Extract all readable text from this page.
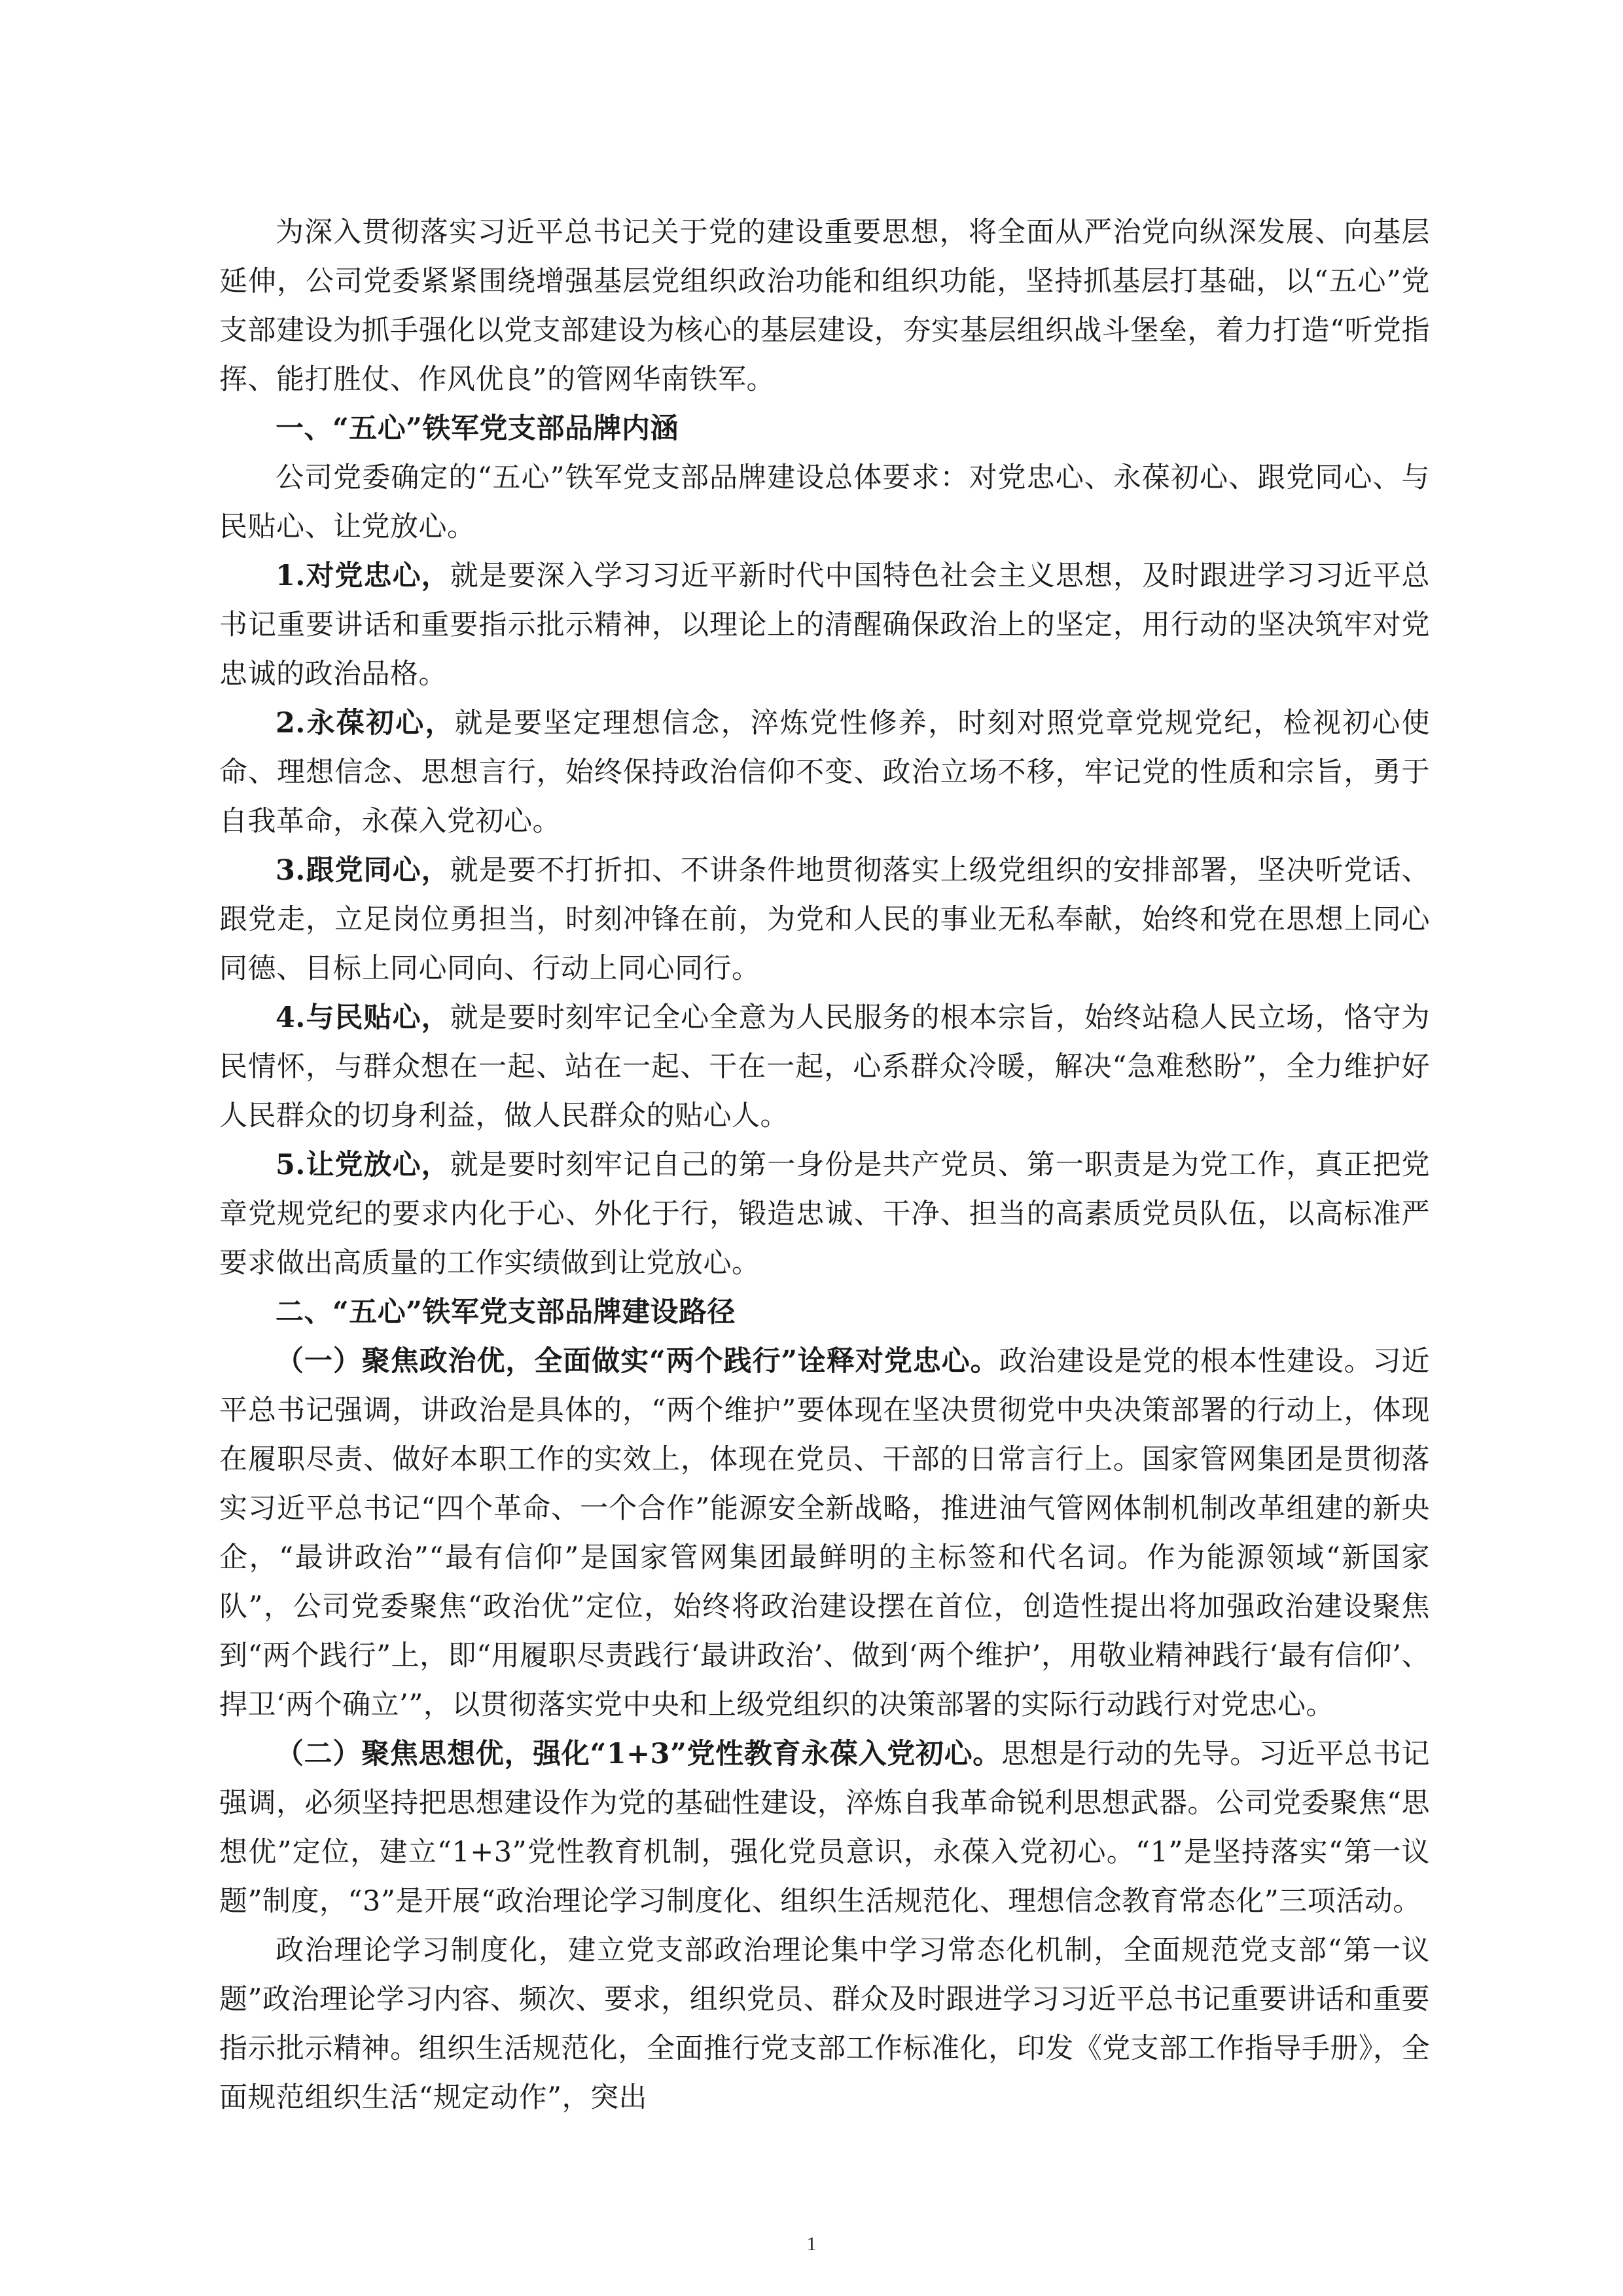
为深入贯彻落实习近平总书记关于党的建设重要思想，将全面从严治党向纵深发展、向基层延伸，公司党委紧紧围绕增强基层党组织政治功能和组织功能，坚持抓基层打基础，以“五心”党支部建设为抓手强化以党支部建设为核心的基层建设，夯实基层组织战斗堡垒，着力打造“听党指挥、能打胜仗、作风优良”的管网华南铁军。

一、“五心”铁军党支部品牌内涵

公司党委确定的“五心”铁军党支部品牌建设总体要求：对党忠心、永葆初心、跟党同心、与民贴心、让党放心。

1.对党忠心，就是要深入学习习近平新时代中国特色社会主义思想，及时跟进学习习近平总书记重要讲话和重要指示批示精神，以理论上的清醒确保政治上的坚定，用行动的坚决筑牢对党忠诚的政治品格。

2.永葆初心，就是要坚定理想信念，淬炼党性修养，时刻对照党章党规党纪，检视初心使命、理想信念、思想言行，始终保持政治信仰不变、政治立场不移，牢记党的性质和宗旨，勇于自我革命，永葆入党初心。

3.跟党同心，就是要不打折扣、不讲条件地贯彻落实上级党组织的安排部署，坚决听党话、跟党走，立足岗位勇担当，时刻冲锋在前，为党和人民的事业无私奉献，始终和党在思想上同心同德、目标上同心同向、行动上同心同行。

4.与民贴心，就是要时刻牢记全心全意为人民服务的根本宗旨，始终站稳人民立场，恪守为民情怀，与群众想在一起、站在一起、干在一起，心系群众冷暖，解决“急难愁盼”，全力维护好人民群众的切身利益，做人民群众的贴心人。

5.让党放心，就是要时刻牢记自己的第一身份是共产党员、第一职责是为党工作，真正把党章党规党纪的要求内化于心、外化于行，锻造忠诚、干净、担当的高素质党员队伍，以高标准严要求做出高质量的工作实绩做到让党放心。

二、“五心”铁军党支部品牌建设路径

（一）聚焦政治优，全面做实“两个践行”诠释对党忠心。政治建设是党的根本性建设。习近平总书记强调，讲政治是具体的，“两个维护”要体现在坚决贯彻党中央决策部署的行动上，体现在履职尽责、做好本职工作的实效上，体现在党员、干部的日常言行上。国家管网集团是贯彻落实习近平总书记“四个革命、一个合作”能源安全新战略，推进油气管网体制机制改革组建的新央企，“最讲政治”“最有信仰”是国家管网集团最鲜明的主标签和代名词。作为能源领域“新国家队”，公司党委聚焦“政治优”定位，始终将政治建设摆在首位，创造性提出将加强政治建设聚焦到“两个践行”上，即“用履职尽责践行‘最讲政治’、做到‘两个维护’，用敬业精神践行‘最有信仰’、捍卫‘两个确立’”，以贯彻落实党中央和上级党组织的决策部署的实际行动践行对党忠心。

（二）聚焦思想优，强化“1+3”党性教育永葆入党初心。思想是行动的先导。习近平总书记强调，必须坚持把思想建设作为党的基础性建设，淬炼自我革命锐利思想武器。公司党委聚焦“思想优”定位，建立“1+3”党性教育机制，强化党员意识，永葆入党初心。“1”是坚持落实“第一议题”制度，“3”是开展“政治理论学习制度化、组织生活规范化、理想信念教育常态化”三项活动。

政治理论学习制度化，建立党支部政治理论集中学习常态化机制，全面规范党支部“第一议题”政治理论学习内容、频次、要求，组织党员、群众及时跟进学习习近平总书记重要讲话和重要指示批示精神。组织生活规范化，全面推行党支部工作标准化，印发《党支部工作指导手册》，全面规范组织生活“规定动作”，突出

1
